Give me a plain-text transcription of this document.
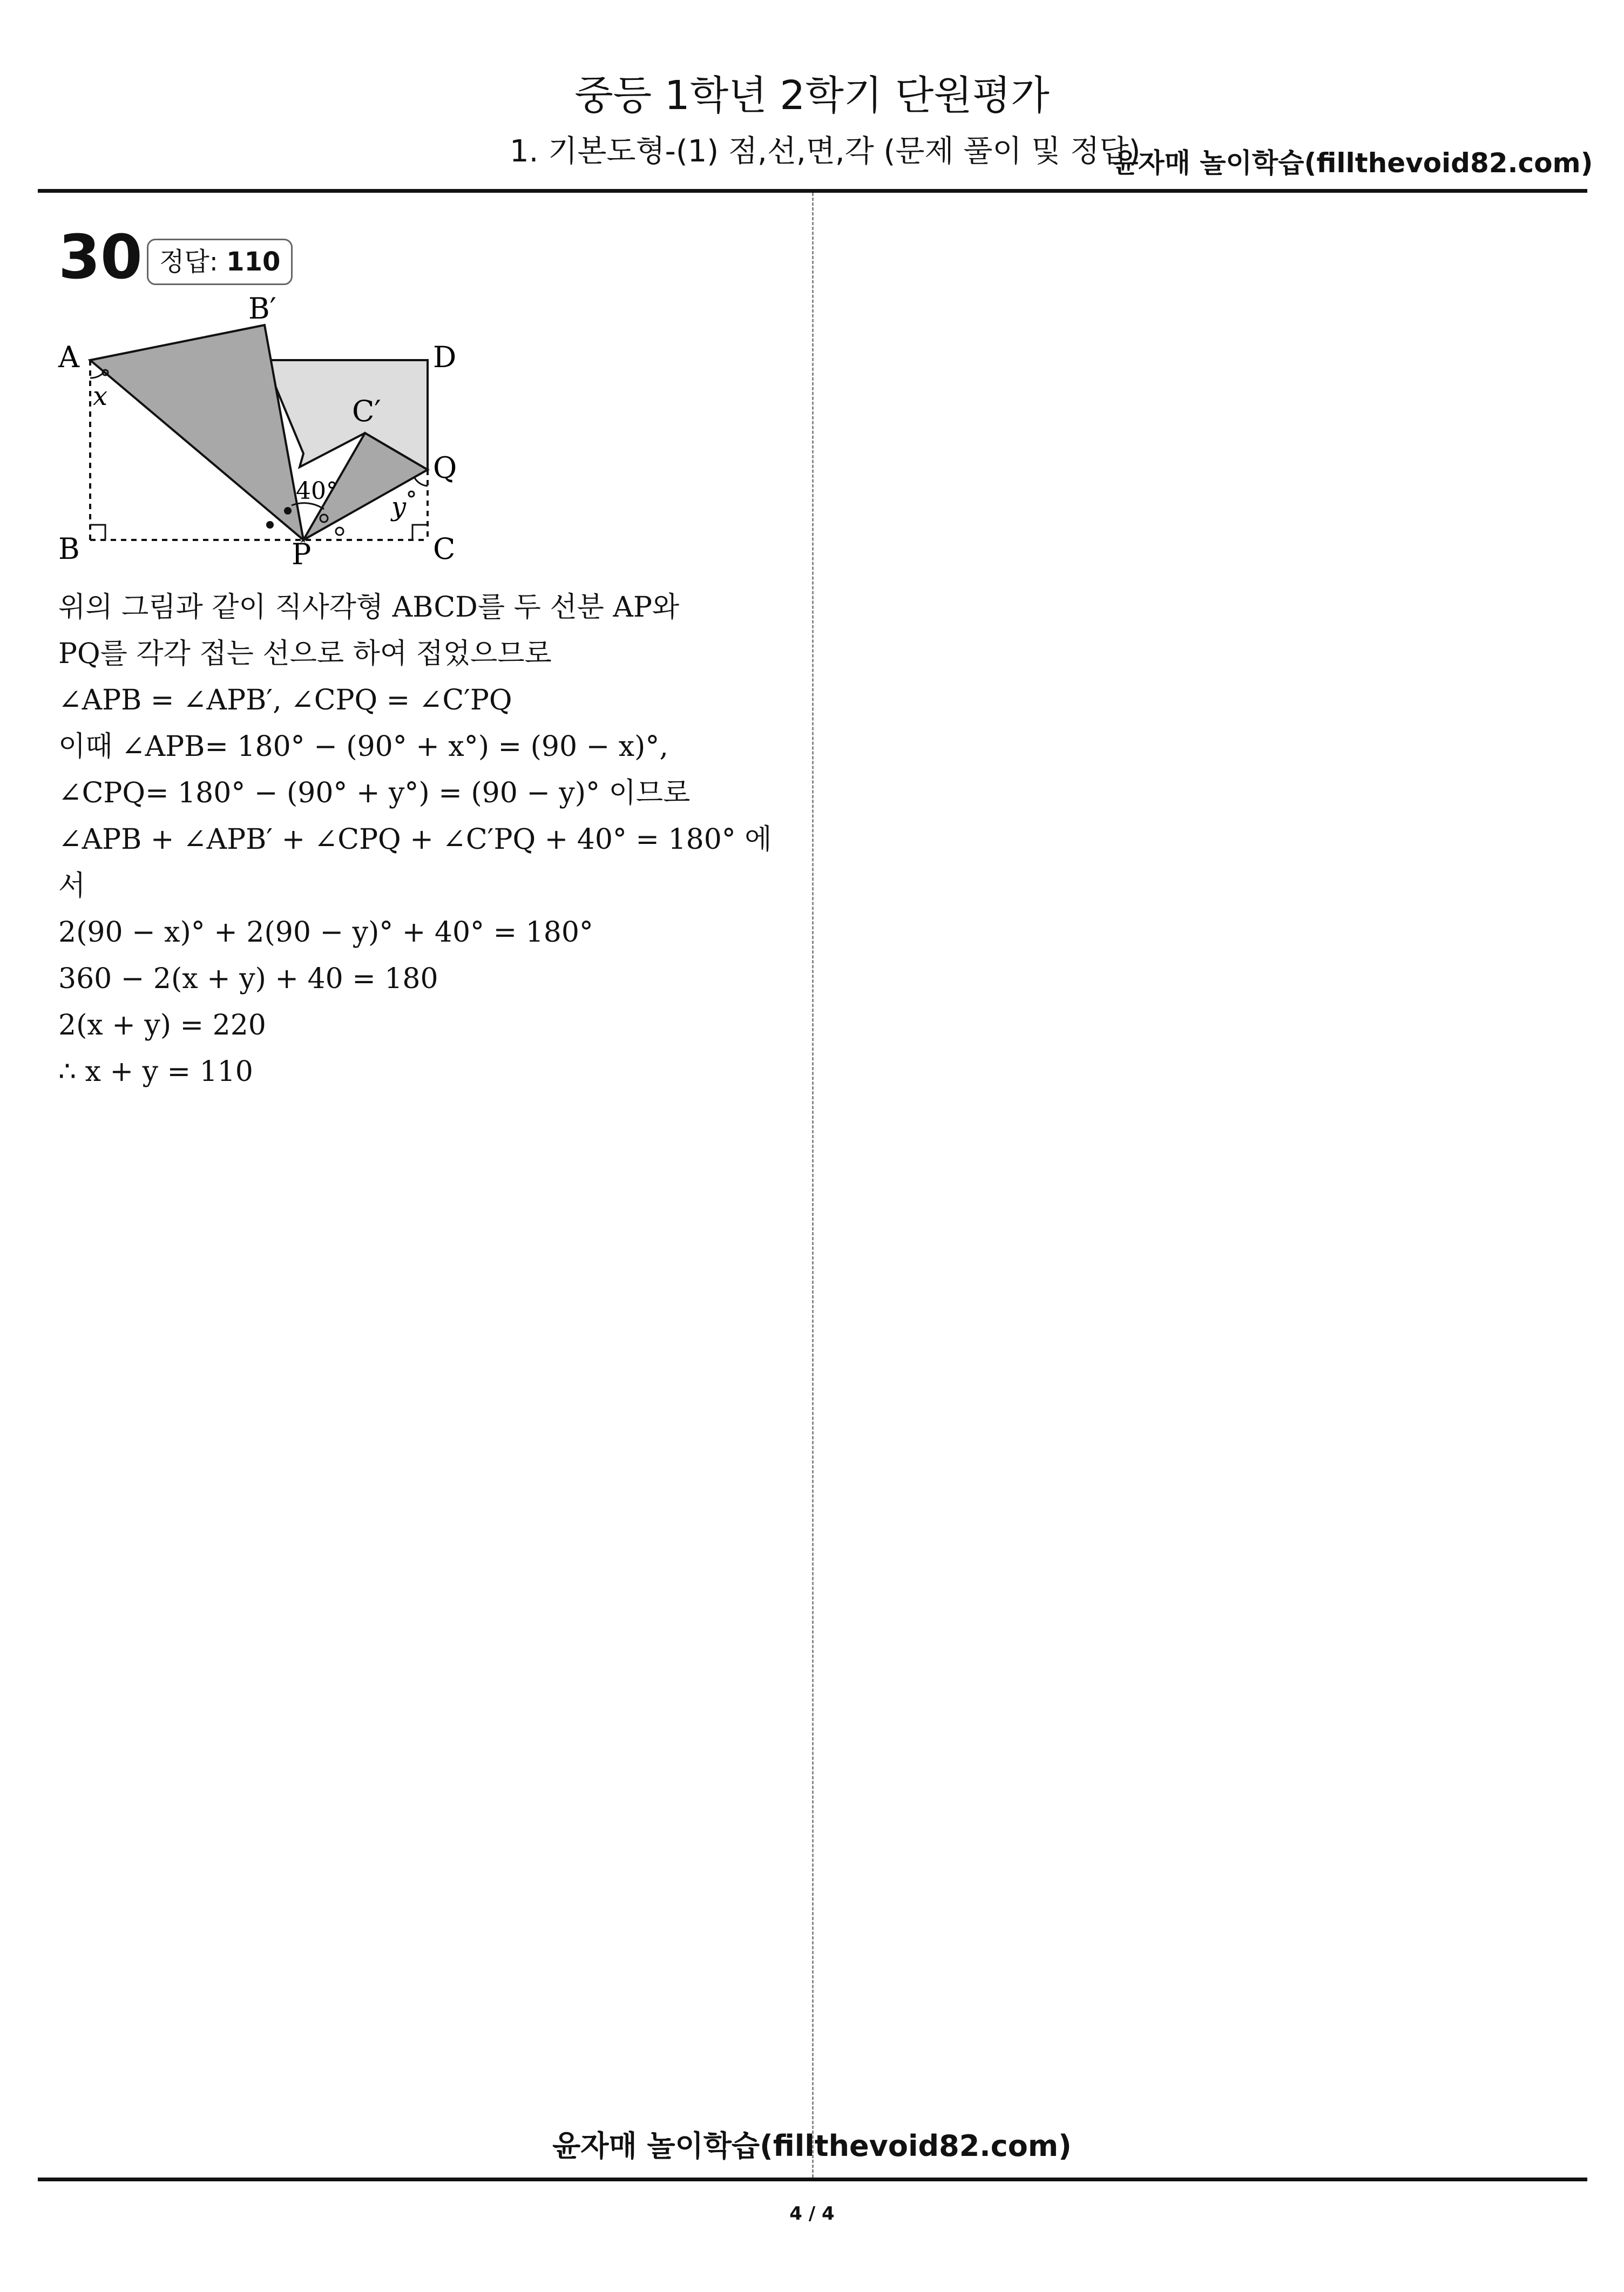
중등 1학년 2학기 단원평가
1. 기본도형-(1) 점,선,면,각 (문제 풀이 및 정답)
윤자매 놀이학습(fillthevoid82.com)
30 정답: 110
A
B′
D
C′
Q
B	P	C
x
y
40°
위의 그림과 같이 직사각형 ABCD를 두 선분 AP와
PQ를 각각 접는 선으로 하여 접었으므로
∠APB = ∠APB′, ∠CPQ = ∠C′PQ
이때 ∠APB= 180° − (90° + x°) = (90 − x)°,
∠CPQ= 180° − (90° + y°) = (90 − y)° 이므로
∠APB + ∠APB′ + ∠CPQ + ∠C′PQ + 40° = 180° 에
서
2(90 − x)° + 2(90 − y)° + 40° = 180°
360 − 2(x + y) + 40 = 180
2(x + y) = 220
∴ x + y = 110
윤자매 놀이학습(fillthevoid82.com)
4 / 4
